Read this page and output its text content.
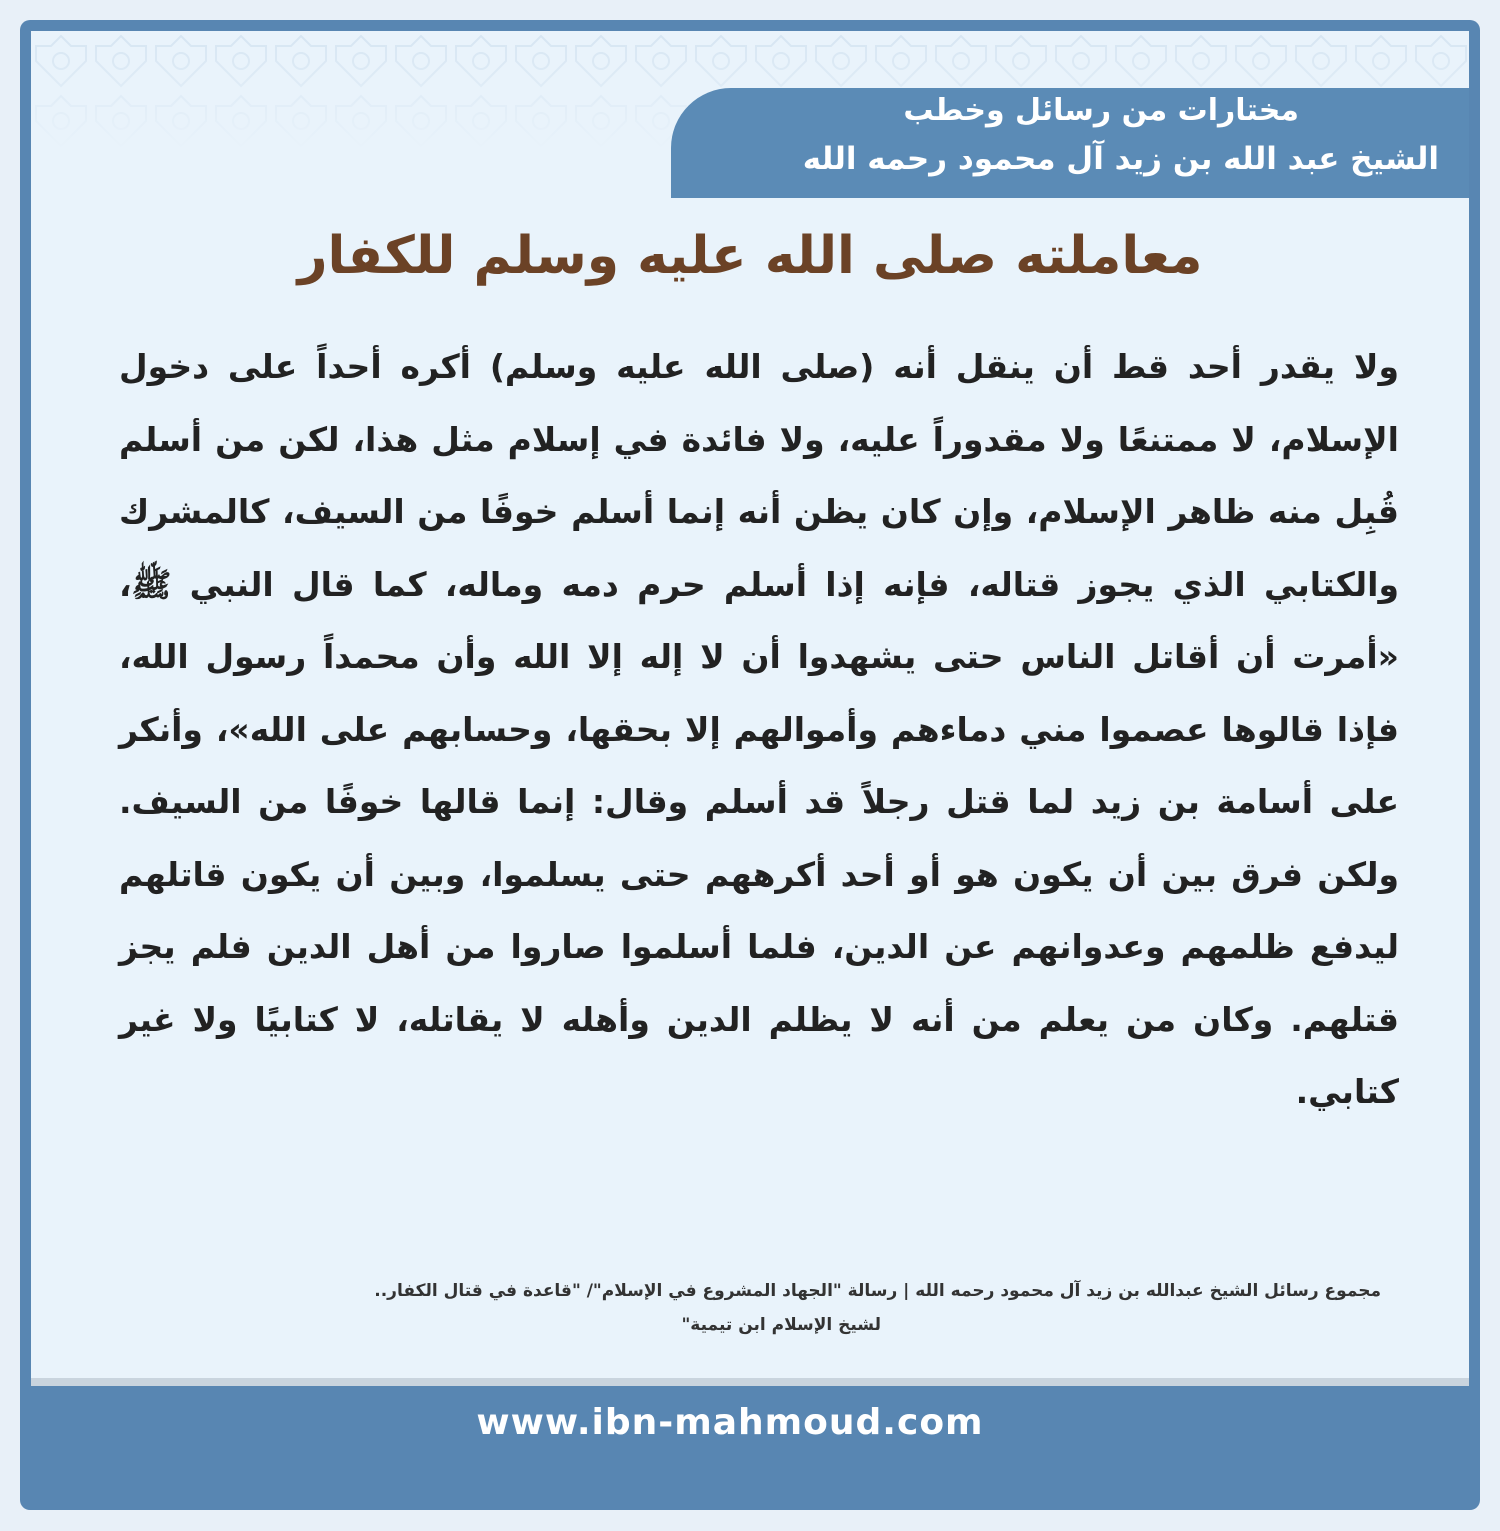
مختارات من رسائل وخطب
الشيخ عبد الله بن زيد آل محمود رحمه الله
معاملته صلى الله عليه وسلم للكفار
ولا يقدر أحد قط أن ينقل أنه (صلى الله عليه وسلم) أكره أحداً على دخول الإسلام، لا ممتنعًا ولا مقدوراً عليه، ولا فائدة في إسلام مثل هذا، لكن من أسلم قُبِل منه ظاهر الإسلام، وإن كان يظن أنه إنما أسلم خوفًا من السيف، كالمشرك والكتابي الذي يجوز قتاله، فإنه إذا أسلم حرم دمه وماله، كما قال النبي ﷺ، «أمرت أن أقاتل الناس حتى يشهدوا أن لا إله إلا الله وأن محمداً رسول الله، فإذا قالوها عصموا مني دماءهم وأموالهم إلا بحقها، وحسابهم على الله»، وأنكر على أسامة بن زيد لما قتل رجلاً قد أسلم وقال: إنما قالها خوفًا من السيف. ولكن فرق بين أن يكون هو أو أحد أكرههم حتى يسلموا، وبين أن يكون قاتلهم ليدفع ظلمهم وعدوانهم عن الدين، فلما أسلموا صاروا من أهل الدين فلم يجز قتلهم. وكان من يعلم من أنه لا يظلم الدين وأهله لا يقاتله، لا كتابيًا ولا غير كتابي.
مجموع رسائل الشيخ عبدالله بن زيد آل محمود رحمه الله | رسالة "الجهاد المشروع في الإسلام"/ "قاعدة في قتال الكفار..
لشيخ الإسلام ابن تيمية"
www.ibn-mahmoud.com
